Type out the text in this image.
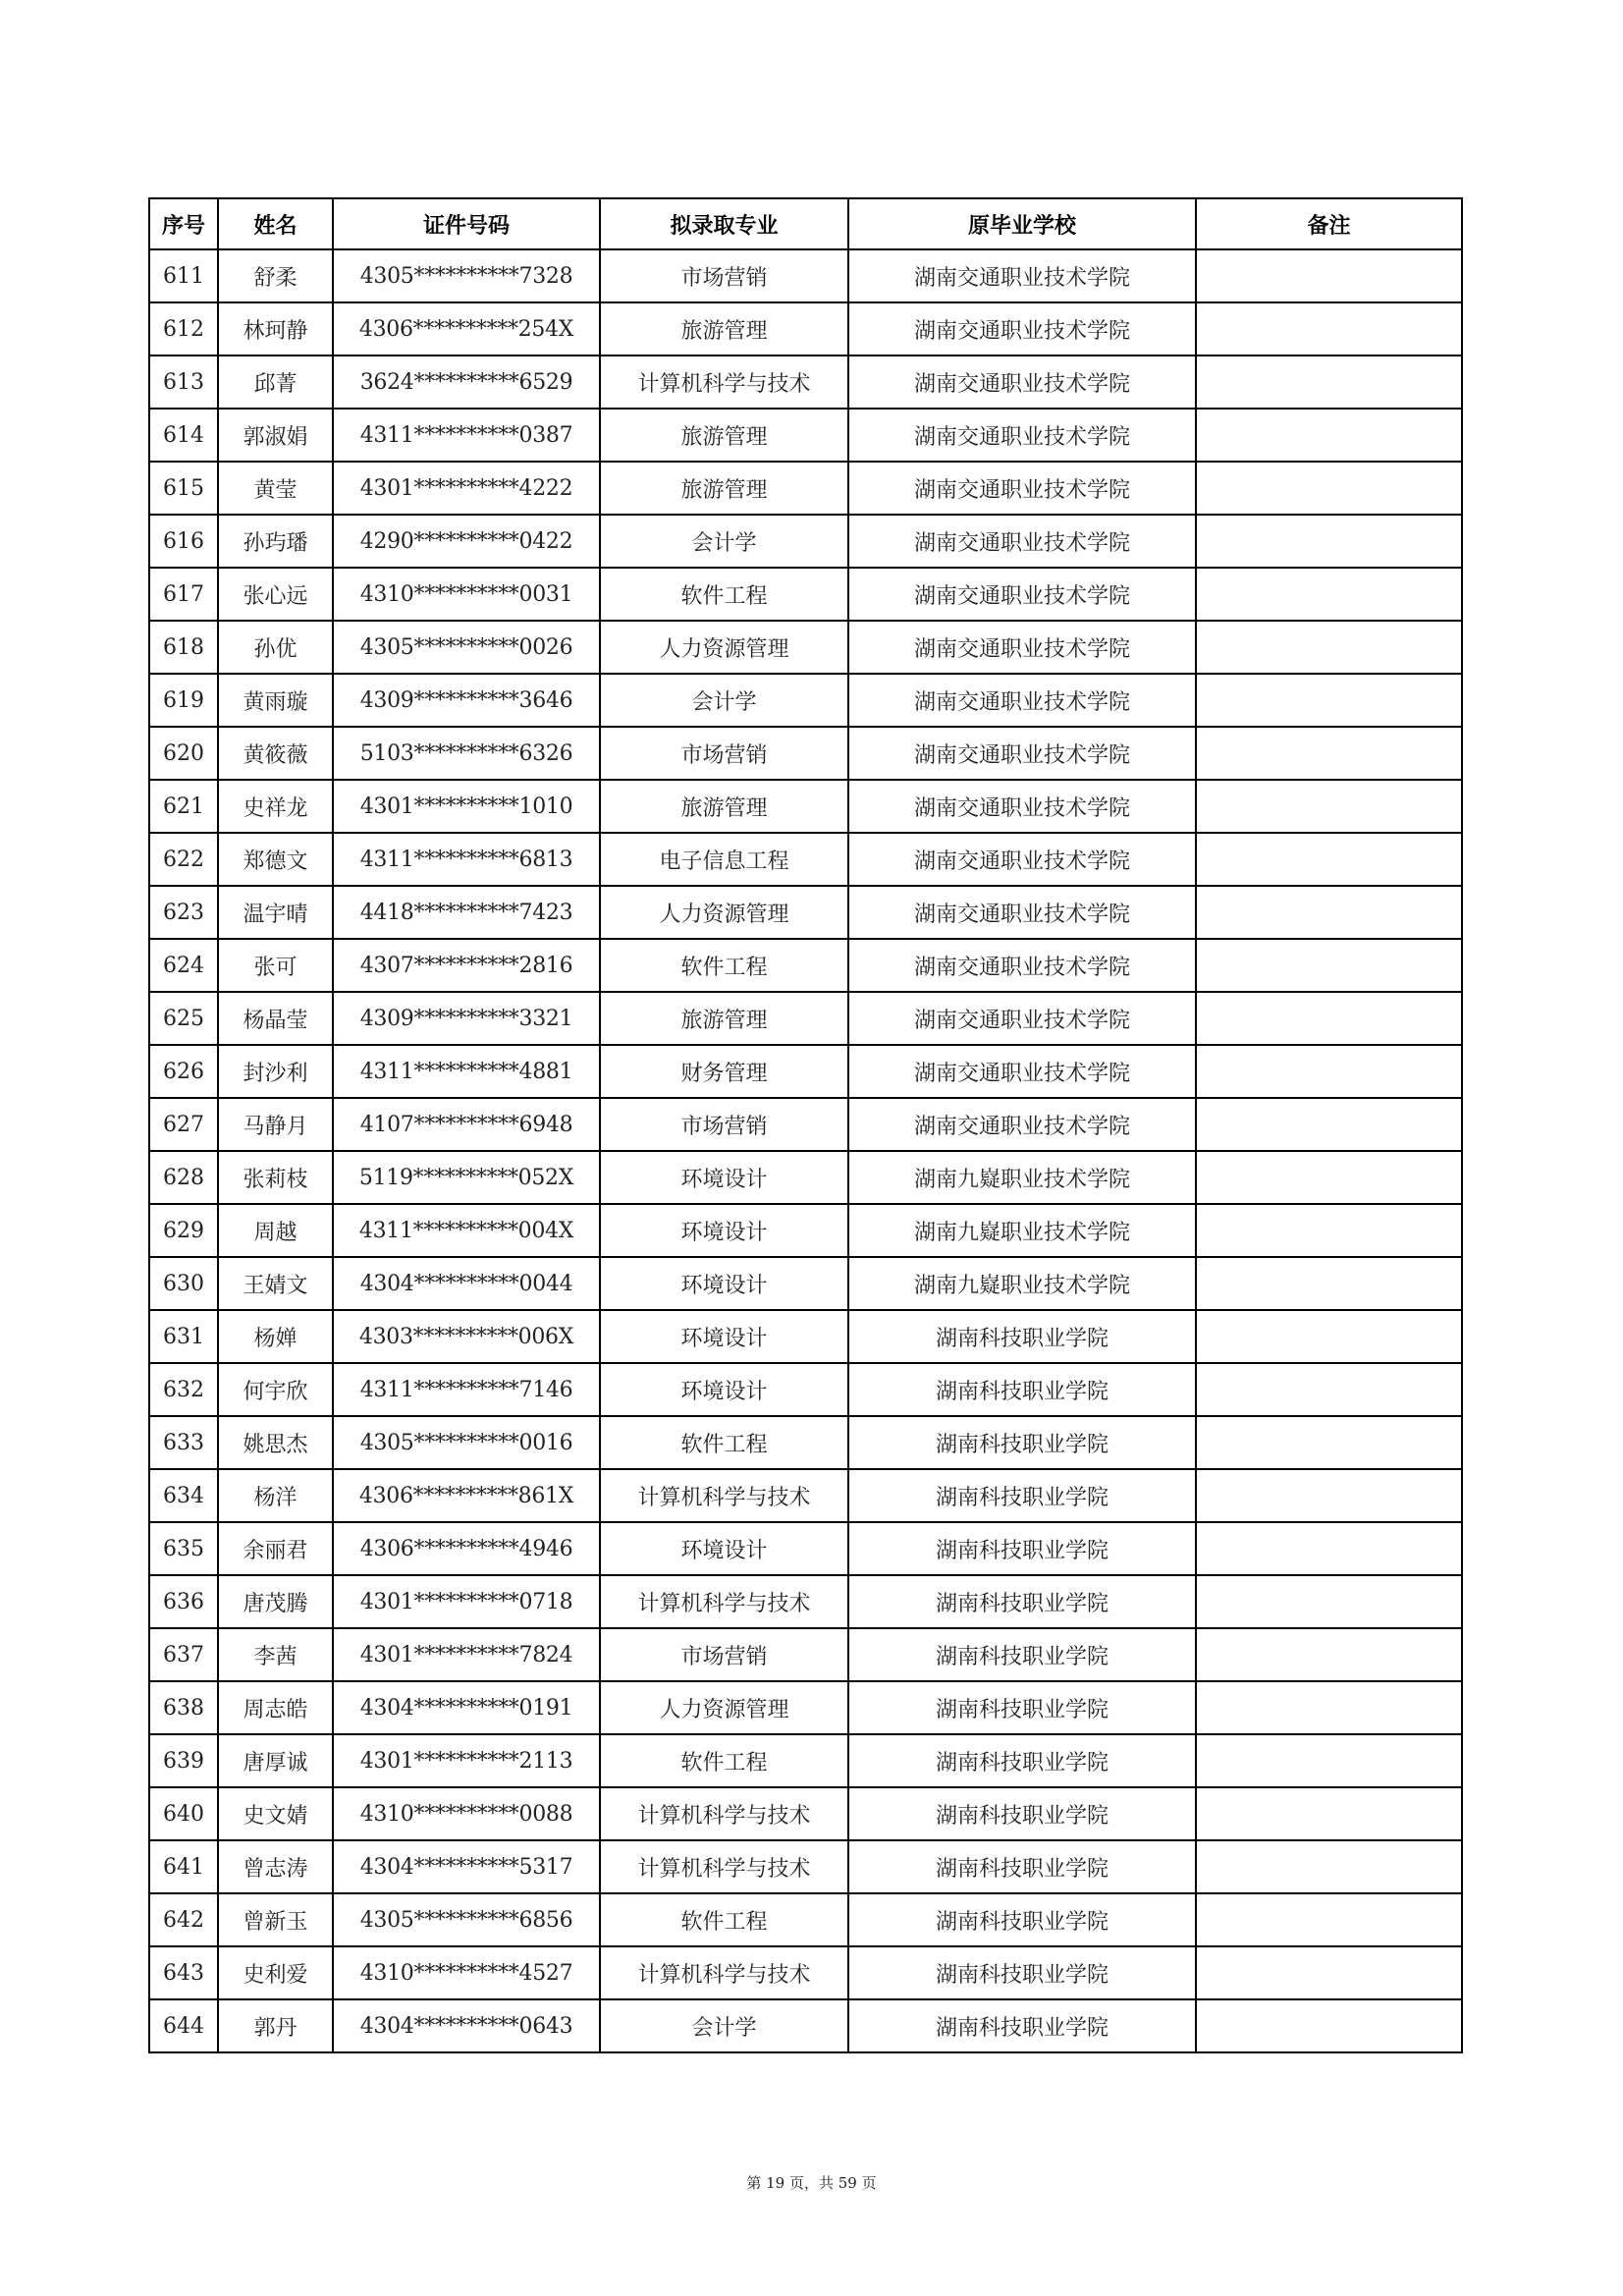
序号	姓名	证件号码	拟录取专业	原毕业学校	备注
611	舒柔	4305**********7328	市场营销	湖南交通职业技术学院	
612	林珂静	4306**********254X	旅游管理	湖南交通职业技术学院	
613	邱菁	3624**********6529	计算机科学与技术	湖南交通职业技术学院	
614	郭淑娟	4311**********0387	旅游管理	湖南交通职业技术学院	
615	黄莹	4301**********4222	旅游管理	湖南交通职业技术学院	
616	孙玙璠	4290**********0422	会计学	湖南交通职业技术学院	
617	张心远	4310**********0031	软件工程	湖南交通职业技术学院	
618	孙优	4305**********0026	人力资源管理	湖南交通职业技术学院	
619	黄雨璇	4309**********3646	会计学	湖南交通职业技术学院	
620	黄筱薇	5103**********6326	市场营销	湖南交通职业技术学院	
621	史祥龙	4301**********1010	旅游管理	湖南交通职业技术学院	
622	郑德文	4311**********6813	电子信息工程	湖南交通职业技术学院	
623	温宇晴	4418**********7423	人力资源管理	湖南交通职业技术学院	
624	张可	4307**********2816	软件工程	湖南交通职业技术学院	
625	杨晶莹	4309**********3321	旅游管理	湖南交通职业技术学院	
626	封沙利	4311**********4881	财务管理	湖南交通职业技术学院	
627	马静月	4107**********6948	市场营销	湖南交通职业技术学院	
628	张莉枝	5119**********052X	环境设计	湖南九嶷职业技术学院	
629	周越	4311**********004X	环境设计	湖南九嶷职业技术学院	
630	王婧文	4304**********0044	环境设计	湖南九嶷职业技术学院	
631	杨婵	4303**********006X	环境设计	湖南科技职业学院	
632	何宇欣	4311**********7146	环境设计	湖南科技职业学院	
633	姚思杰	4305**********0016	软件工程	湖南科技职业学院	
634	杨洋	4306**********861X	计算机科学与技术	湖南科技职业学院	
635	余丽君	4306**********4946	环境设计	湖南科技职业学院	
636	唐茂腾	4301**********0718	计算机科学与技术	湖南科技职业学院	
637	李茜	4301**********7824	市场营销	湖南科技职业学院	
638	周志皓	4304**********0191	人力资源管理	湖南科技职业学院	
639	唐厚诚	4301**********2113	软件工程	湖南科技职业学院	
640	史文婧	4310**********0088	计算机科学与技术	湖南科技职业学院	
641	曾志涛	4304**********5317	计算机科学与技术	湖南科技职业学院	
642	曾新玉	4305**********6856	软件工程	湖南科技职业学院	
643	史利爱	4310**********4527	计算机科学与技术	湖南科技职业学院	
644	郭丹	4304**********0643	会计学	湖南科技职业学院	
第 19 页，共 59 页
